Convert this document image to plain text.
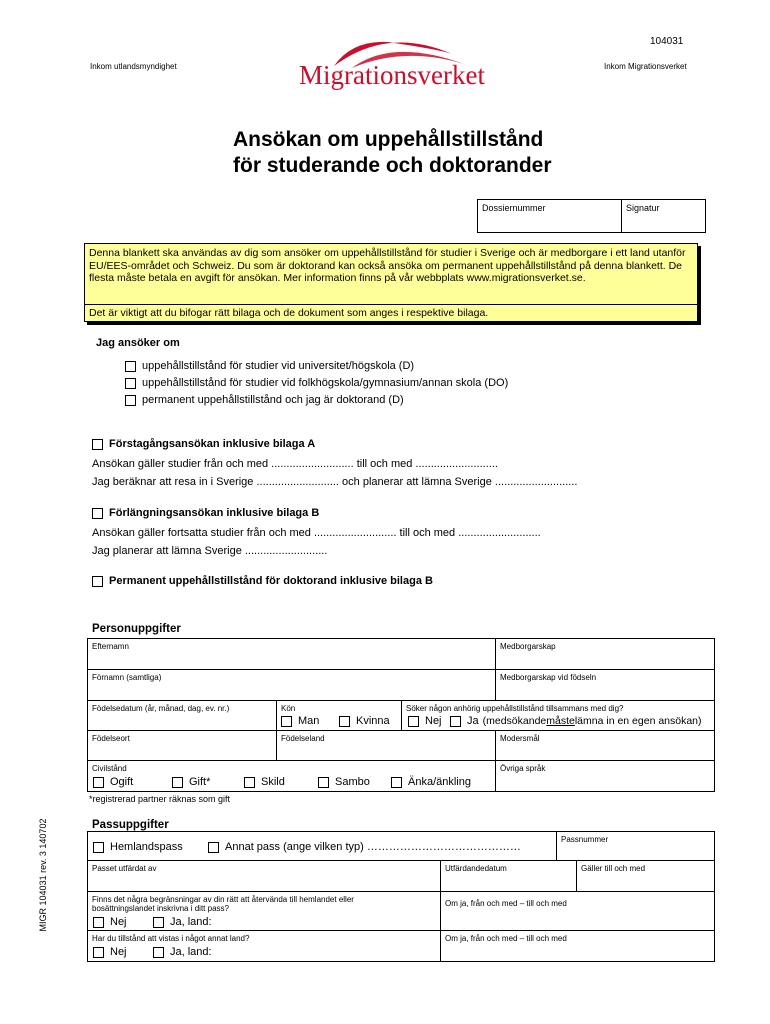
104031
Inkom utlandsmyndighet	Inkom Migrationsverket
Migrationsverket
Ansökan om uppehållstillstånd
för studerande och doktorander
Dossiernummer	Signatur
Denna blankett ska användas av dig som ansöker om uppehållstillstånd för studier i Sverige och är medborgare i ett land utanför EU/EES-området och Schweiz. Du som är doktorand kan också ansöka om permanent uppehållstillstånd på denna blankett. De flesta måste betala en avgift för ansökan. Mer information finns på vår webbplats www.migrationsverket.se.
Det är viktigt att du bifogar rätt bilaga och de dokument som anges i respektive bilaga.
Jag ansöker om
uppehållstillstånd för studier vid universitet/högskola (D)
uppehållstillstånd för studier vid folkhögskola/gymnasium/annan skola (DO)
permanent uppehållstillstånd och jag är doktorand (D)
Förstagångsansökan inklusive bilaga A
Ansökan gäller studier från och med ........................... till och med ...........................
Jag beräknar att resa in i Sverige ........................... och planerar att lämna Sverige ...........................
Förlängningsansökan inklusive bilaga B
Ansökan gäller fortsatta studier från och med ........................... till och med ...........................
Jag planerar att lämna Sverige ...........................
Permanent uppehållstillstånd för doktorand inklusive bilaga B
Personuppgifter
Efternamn	Medborgarskap
Förnamn (samtliga)	Medborgarskap vid födseln
Födelsedatum (år, månad, dag, ev. nr.)	Kön
Man	Kvinna
Söker någon anhörig uppehållstillstånd tillsammans med dig?
Nej Ja (medsökande måste lämna in en egen ansökan)
Födelseort	Födelseland	Modersmål
Civilstånd
Ogift	Gift*	Skild	Sambo	Änka/änkling
Övriga språk
*registrerad partner räknas som gift
MIGR 104031 rev. 3 140702	Passuppgifter
Hemlandspass	Annat pass (ange vilken typ) ……………………………………
Passnummer
Passet utfärdat av	Utfärdandedatum	Gäller till och med
Finns det några begränsningar av din rätt att återvända till hemlandet eller bosättningslandet inskrivna i ditt pass?
Nej	Ja, land:
Om ja, från och med – till och med
Har du tillstånd att vistas i något annat land?
Nej	Ja, land:
Om ja, från och med – till och med
